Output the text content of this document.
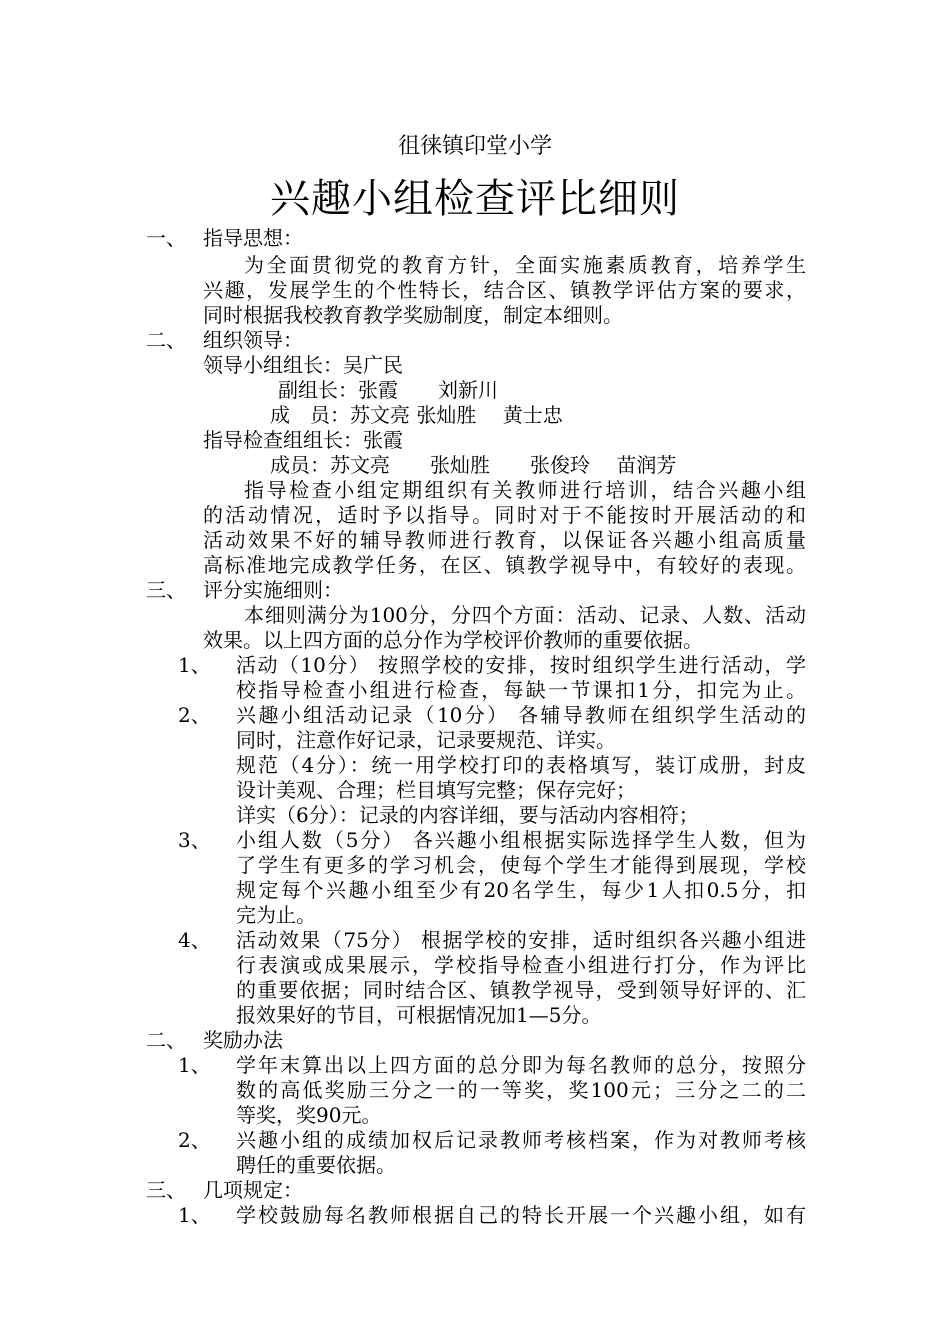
徂徕镇印堂小学
兴趣小组检查评比细则
一、 指导思想：
为全面贯彻党的教育方针，全面实施素质教育，培养学生
兴趣，发展学生的个性特长，结合区、镇教学评估方案的要求，
同时根据我校教育教学奖励制度，制定本细则。
二、 组织领导：
领导小组组长：吴广民
副组长：张霞　　刘新川
成　员：苏文亮 张灿胜　 黄士忠
指导检查组组长：张霞
成员：苏文亮　　张灿胜　　张俊玲　 苗润芳
指导检查小组定期组织有关教师进行培训，结合兴趣小组
的活动情况，适时予以指导。同时对于不能按时开展活动的和
活动效果不好的辅导教师进行教育，以保证各兴趣小组高质量
高标准地完成教学任务，在区、镇教学视导中，有较好的表现。
三、 评分实施细则：
本细则满分为100分，分四个方面：活动、记录、人数、活动
效果。以上四方面的总分作为学校评价教师的重要依据。
1、 活动（10分） 按照学校的安排，按时组织学生进行活动，学
校指导检查小组进行检查，每缺一节课扣1分，扣完为止。
2、 兴趣小组活动记录（10分） 各辅导教师在组织学生活动的
同时，注意作好记录，记录要规范、详实。
规范（4分）：统一用学校打印的表格填写，装订成册，封皮
设计美观、合理；栏目填写完整；保存完好；
详实（6分）：记录的内容详细，要与活动内容相符；
3、 小组人数（5分） 各兴趣小组根据实际选择学生人数，但为
了学生有更多的学习机会，使每个学生才能得到展现，学校
规定每个兴趣小组至少有20名学生，每少1人扣0.5分，扣
完为止。
4、 活动效果（75分） 根据学校的安排，适时组织各兴趣小组进
行表演或成果展示，学校指导检查小组进行打分，作为评比
的重要依据；同时结合区、镇教学视导，受到领导好评的、汇
报效果好的节目，可根据情况加1—5分。
二、 奖励办法
1、 学年末算出以上四方面的总分即为每名教师的总分，按照分
数的高低奖励三分之一的一等奖，奖100元；三分之二的二
等奖，奖90元。
2、 兴趣小组的成绩加权后记录教师考核档案，作为对教师考核
聘任的重要依据。
三、 几项规定：
1、 学校鼓励每名教师根据自己的特长开展一个兴趣小组，如有
